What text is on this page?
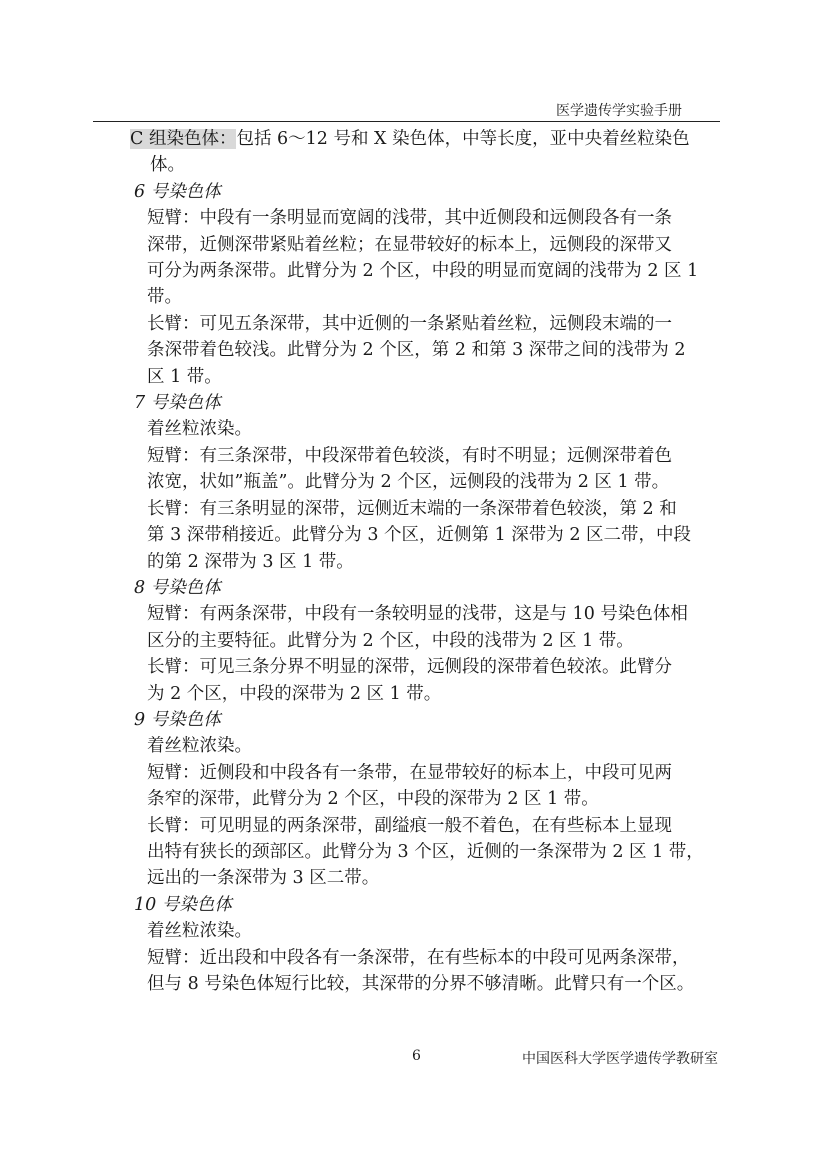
医学遗传学实验手册

C 组染色体：包括 6～12 号和 X 染色体，中等长度，亚中央着丝粒染色

体。

6 号染色体

短臂：中段有一条明显而宽阔的浅带，其中近侧段和远侧段各有一条

深带，近侧深带紧贴着丝粒；在显带较好的标本上，远侧段的深带又

可分为两条深带。此臂分为 2 个区，中段的明显而宽阔的浅带为 2 区 1

带。

长臂：可见五条深带，其中近侧的一条紧贴着丝粒，远侧段末端的一

条深带着色较浅。此臂分为 2 个区，第 2 和第 3 深带之间的浅带为 2

区 1 带。

7 号染色体

着丝粒浓染。

短臂：有三条深带，中段深带着色较淡，有时不明显；远侧深带着色

浓宽，状如”瓶盖”。此臂分为 2 个区，远侧段的浅带为 2 区 1 带。

长臂：有三条明显的深带，远侧近末端的一条深带着色较淡，第 2 和

第 3 深带稍接近。此臂分为 3 个区，近侧第 1 深带为 2 区二带，中段

的第 2 深带为 3 区 1 带。

8 号染色体

短臂：有两条深带，中段有一条较明显的浅带，这是与 10 号染色体相

区分的主要特征。此臂分为 2 个区，中段的浅带为 2 区 1 带。

长臂：可见三条分界不明显的深带，远侧段的深带着色较浓。此臂分

为 2 个区，中段的深带为 2 区 1 带。

9 号染色体

着丝粒浓染。

短臂：近侧段和中段各有一条带，在显带较好的标本上，中段可见两

条窄的深带，此臂分为 2 个区，中段的深带为 2 区 1 带。

长臂：可见明显的两条深带，副缢痕一般不着色，在有些标本上显现

出特有狭长的颈部区。此臂分为 3 个区，近侧的一条深带为 2 区 1 带，

远出的一条深带为 3 区二带。

10 号染色体

着丝粒浓染。

短臂：近出段和中段各有一条深带，在有些标本的中段可见两条深带，

但与 8 号染色体短行比较，其深带的分界不够清晰。此臂只有一个区。

6	中国医科大学医学遗传学教研室
